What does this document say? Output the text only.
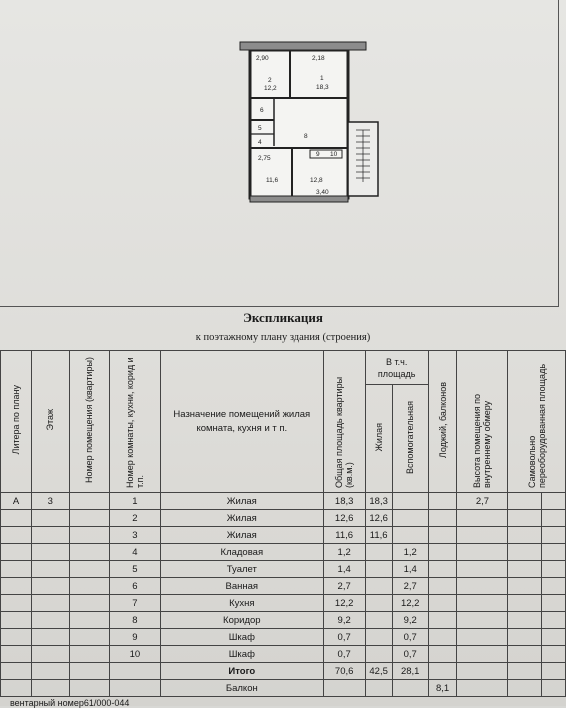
2,90	2,18
2
12,2
1
18,3
6
5
4
8
2,75
9 10
11,6	12,8
3,40
Экспликация
к поэтажному плану здания (строения)
Литера по плану	Этаж	Номер помещения (квартиры)	Номер комнаты, кухни, корид и т.п.	Назначение помещений жилая комната, кухня и т п.	Общая площадь квартиры (кв.м.)	В т.ч. площадь		Лоджий, балконов	Высота помещения по внутреннему обмеру	Самовольно переоборудованная площадь	
						Жилая	Вспомогательная				
А	3		1	Жилая	18,3	18,3			2,7		
			2	Жилая	12,6	12,6					
			3	Жилая	11,6	11,6					
			4	Кладовая	1,2		1,2				
			5	Туалет	1,4		1,4				
			6	Ванная	2,7		2,7				
			7	Кухня	12,2		12,2				
			8	Коридор	9,2		9,2				
			9	Шкаф	0,7		0,7				
			10	Шкаф	0,7		0,7				
				Итого	70,6	42,5	28,1				
				Балкон				8,1			
вентарный номер61/000-044
